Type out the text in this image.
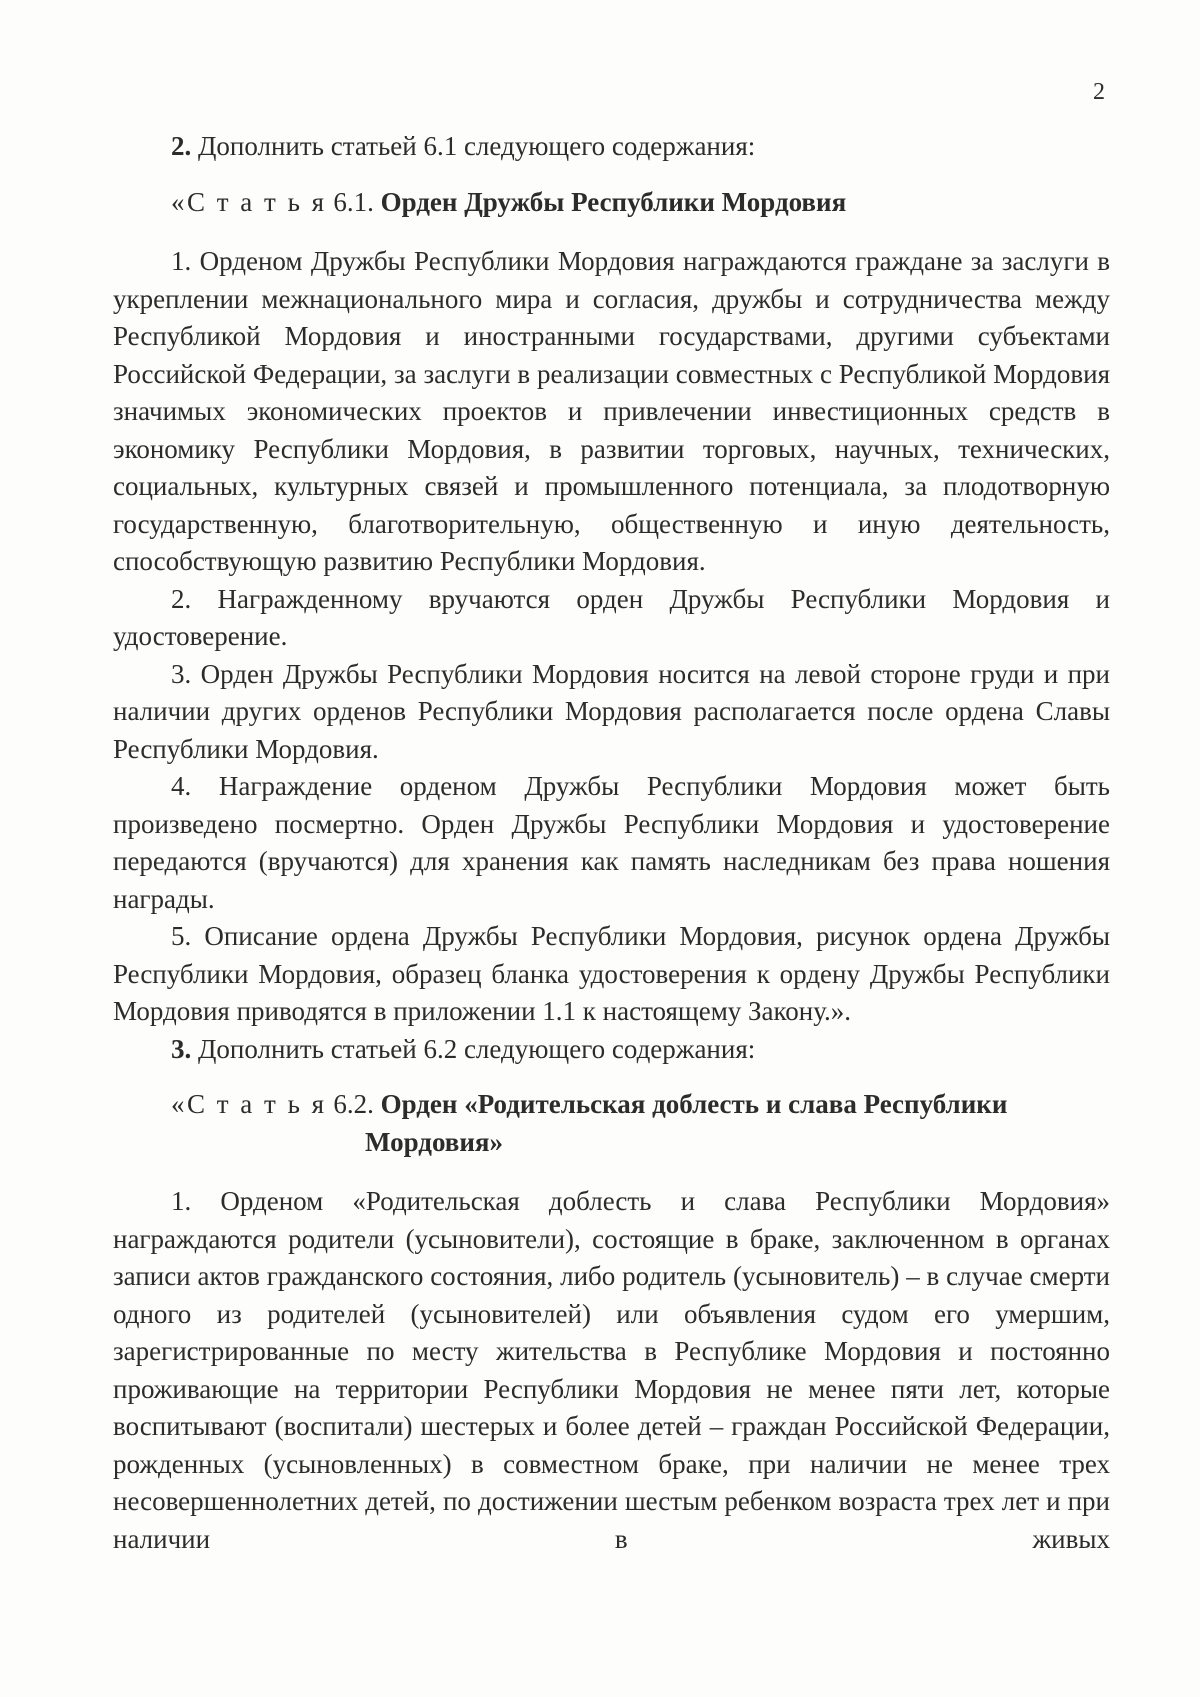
2

2. Дополнить статьей 6.1 следующего содержания:

«С т а т ь я 6.1. Орден Дружбы Республики Мордовия

1. Орденом Дружбы Республики Мордовия награждаются граждане за заслуги в укреплении межнационального мира и согласия, дружбы и сотрудничества между Республикой Мордовия и иностранными государствами, другими субъектами Российской Федерации, за заслуги в реализации совместных с Республикой Мордовия значимых экономических проектов и привлечении инвестиционных средств в экономику Республики Мордовия, в развитии торговых, научных, технических, социальных, культурных связей и промышленного потенциала, за плодотворную государственную, благотворительную, общественную и иную деятельность, способствующую развитию Республики Мордовия.

2. Награжденному вручаются орден Дружбы Республики Мордовия и удостоверение.

3. Орден Дружбы Республики Мордовия носится на левой стороне груди и при наличии других орденов Республики Мордовия располагается после ордена Славы Республики Мордовия.

4. Награждение орденом Дружбы Республики Мордовия может быть произведено посмертно. Орден Дружбы Республики Мордовия и удостоверение передаются (вручаются) для хранения как память наследникам без права ношения награды.

5. Описание ордена Дружбы Республики Мордовия, рисунок ордена Дружбы Республики Мордовия, образец бланка удостоверения к ордену Дружбы Республики Мордовия приводятся в приложении 1.1 к настоящему Закону.».

3. Дополнить статьей 6.2 следующего содержания:

«С т а т ь я 6.2. Орден «Родительская доблесть и слава Республики
Мордовия»

1. Орденом «Родительская доблесть и слава Республики Мордовия» награждаются родители (усыновители), состоящие в браке, заключенном в органах записи актов гражданского состояния, либо родитель (усыновитель) – в случае смерти одного из родителей (усыновителей) или объявления судом его умершим, зарегистрированные по месту жительства в Республике Мордовия и постоянно проживающие на территории Республики Мордовия не менее пяти лет, которые воспитывают (воспитали) шестерых и более детей – граждан Российской Федерации, рожденных (усыновленных) в совместном браке, при наличии не менее трех несовершеннолетних детей, по достижении шестым ребенком возраста трех лет и при наличии в живых
